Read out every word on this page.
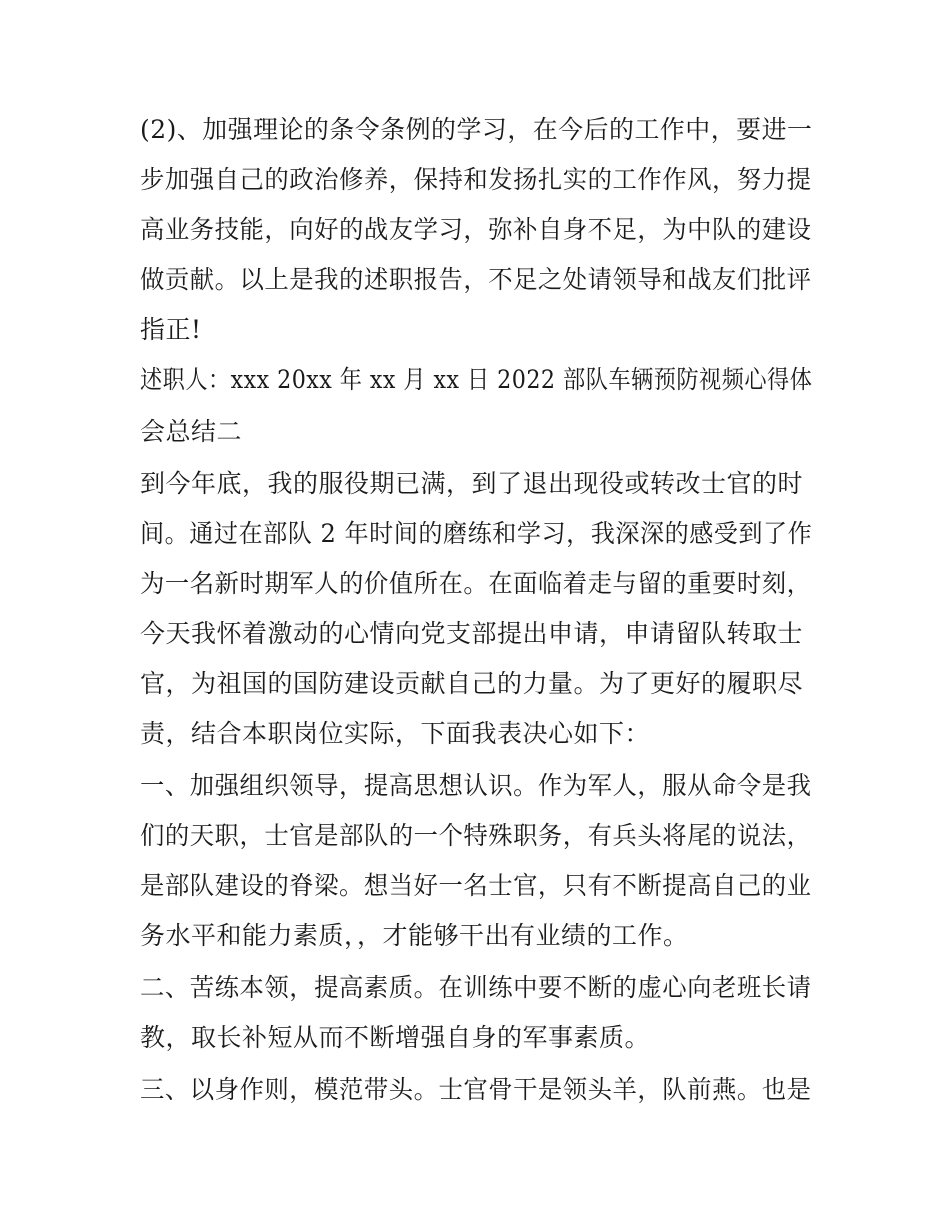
(2)、加强理论的条令条例的学习，在今后的工作中，要进一
步加强自己的政治修养，保持和发扬扎实的工作作风，努力提
高业务技能，向好的战友学习，弥补自身不足，为中队的建设
做贡献。以上是我的述职报告，不足之处请领导和战友们批评
指正!
述职人：xxx 20xx 年 xx 月 xx 日 2022 部队车辆预防视频心得体
会总结二
到今年底，我的服役期已满，到了退出现役或转改士官的时
间。通过在部队 2 年时间的磨练和学习，我深深的感受到了作
为一名新时期军人的价值所在。在面临着走与留的重要时刻，
今天我怀着激动的心情向党支部提出申请，申请留队转取士
官，为祖国的国防建设贡献自己的力量。为了更好的履职尽
责，结合本职岗位实际，下面我表决心如下：
一、加强组织领导，提高思想认识。作为军人，服从命令是我
们的天职，士官是部队的一个特殊职务，有兵头将尾的说法，
是部队建设的脊梁。想当好一名士官，只有不断提高自己的业
务水平和能力素质，，才能够干出有业绩的工作。
二、苦练本领，提高素质。在训练中要不断的虚心向老班长请
教，取长补短从而不断增强自身的军事素质。
三、以身作则，模范带头。士官骨干是领头羊，队前燕。也是
